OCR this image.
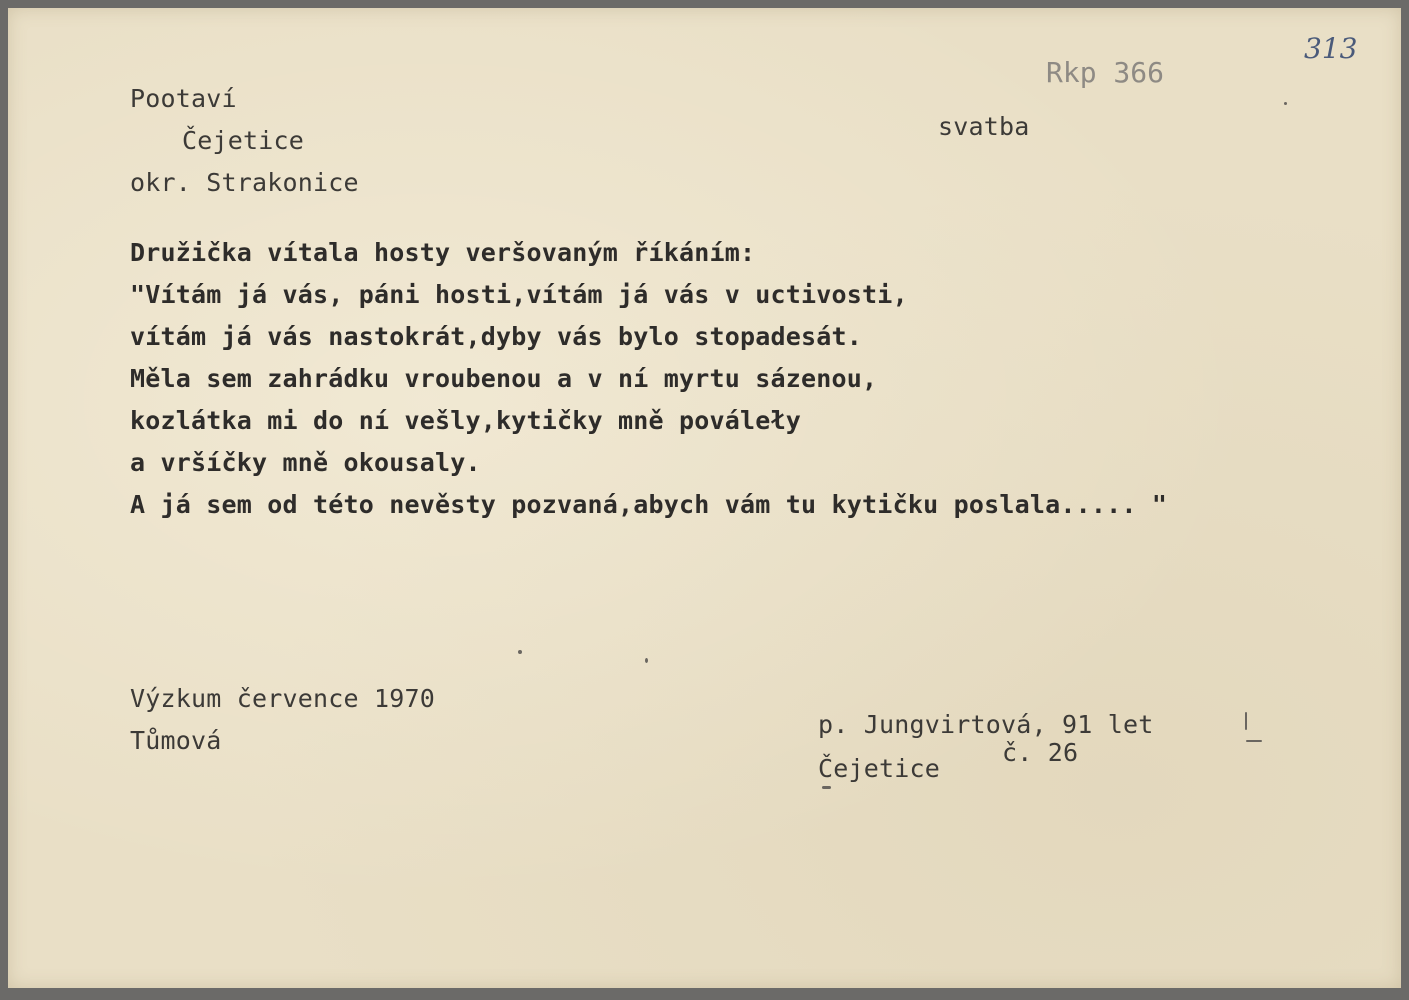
Rkp 366
313
Pootaví
Čejetice
okr. Strakonice
svatba
Družička vítala hosty veršovaným říkáním:
"Vítám já vás, páni hosti,vítám já vás v uctivosti,
vítám já vás nastokrát,dyby vás bylo stopadesát.
Měla sem zahrádku vroubenou a v ní myrtu sázenou,
kozlátka mi do ní vešly,kytičky mně pováleły
a vršíčky mně okousaly.
A já sem od této nevěsty pozvaná,abych vám tu kytičku poslala..... "
Výzkum července 1970
Tůmová
p. Jungvirtová, 91 let
Čejetice
č. 26
